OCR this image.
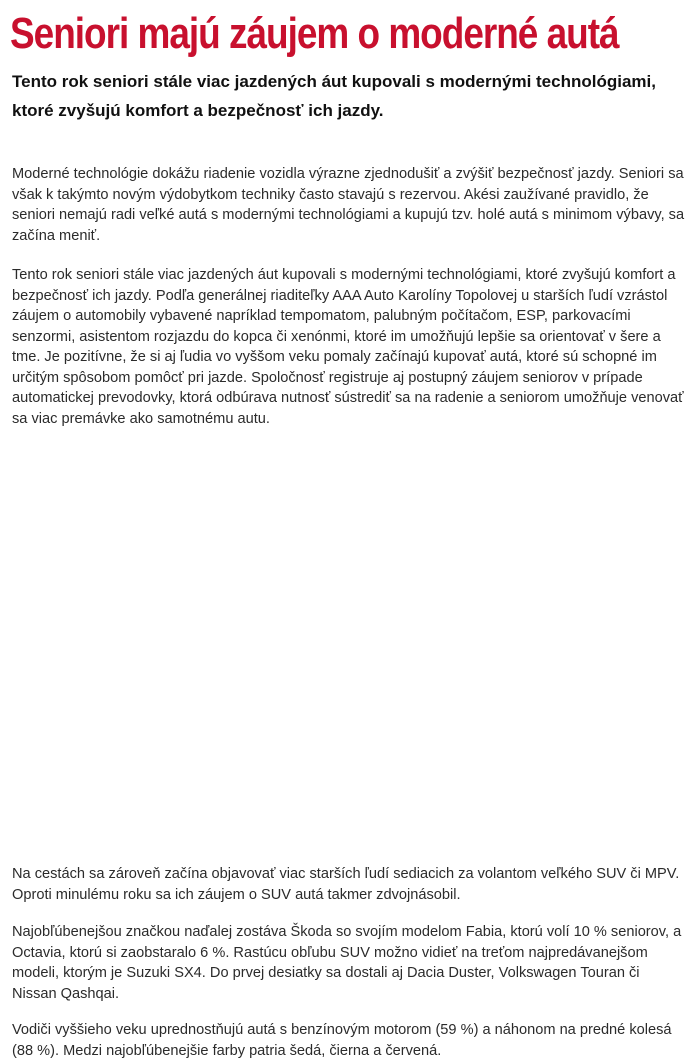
Seniori majú záujem o moderné autá

Tento rok seniori stále viac jazdených áut kupovali s modernými technológiami, ktoré zvyšujú komfort a bezpečnosť ich jazdy.

Moderné technológie dokážu riadenie vozidla výrazne zjednodušiť a zvýšiť bezpečnosť jazdy. Seniori sa však k takýmto novým výdobytkom techniky často stavajú s rezervou. Akési zaužívané pravidlo, že seniori nemajú radi veľké autá s modernými technológiami a kupujú tzv. holé autá s minimom výbavy, sa začína meniť.

Tento rok seniori stále viac jazdených áut kupovali s modernými technológiami, ktoré zvyšujú komfort a bezpečnosť ich jazdy. Podľa generálnej riaditeľky AAA Auto Karolíny Topolovej u starších ľudí vzrástol záujem o automobily vybavené napríklad tempomatom, palubným počítačom, ESP, parkovacími senzormi, asistentom rozjazdu do kopca či xenónmi, ktoré im umožňujú lepšie sa orientovať v šere a tme. Je pozitívne, že si aj ľudia vo vyššom veku pomaly začínajú kupovať autá, ktoré sú schopné im určitým spôsobom pomôcť pri jazde. Spoločnosť registruje aj postupný záujem seniorov v prípade automatickej prevodovky, ktorá odbúrava nutnosť sústrediť sa na radenie a seniorom umožňuje venovať sa viac premávke ako samotnému autu.

Na cestách sa zároveň začína objavovať viac starších ľudí sediacich za volantom veľkého SUV či MPV. Oproti minulému roku sa ich záujem o SUV autá takmer zdvojnásobil.

Najobľúbenejšou značkou naďalej zostáva Škoda so svojím modelom Fabia, ktorú volí 10 % seniorov, a Octavia, ktorú si zaobstaralo 6 %. Rastúcu obľubu SUV možno vidieť na treťom najpredávanejšom modeli, ktorým je Suzuki SX4. Do prvej desiatky sa dostali aj Dacia Duster, Volkswagen Touran či Nissan Qashqai.

Vodiči vyššieho veku uprednostňujú autá s benzínovým motorom (59 %) a náhonom na predné kolesá (88 %). Medzi najobľúbenejšie farby patria šedá, čierna a červená.
